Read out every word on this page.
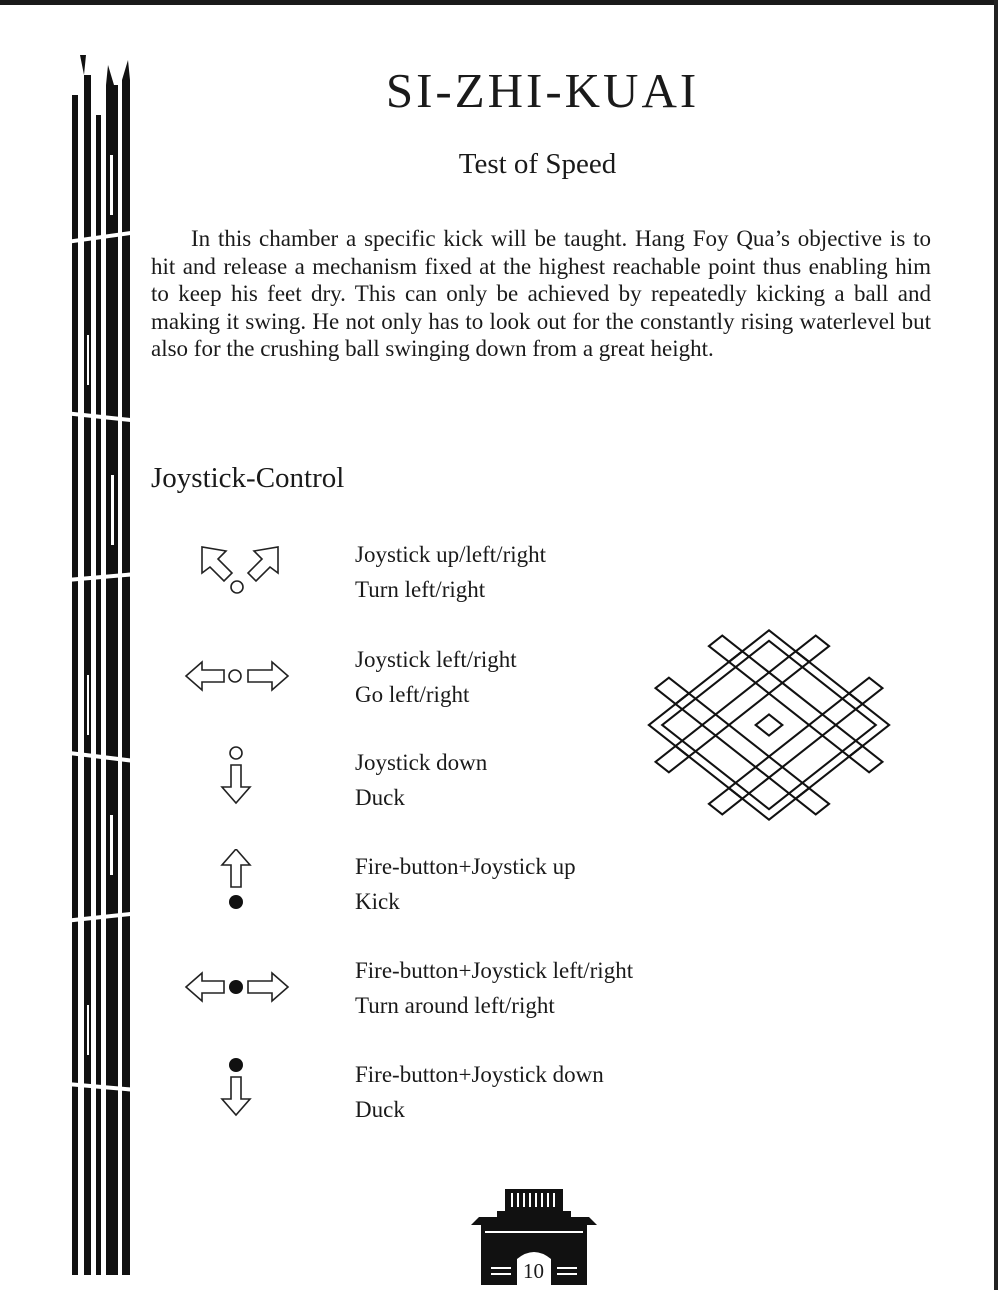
SI-ZHI-KUAI
Test of Speed

In this chamber a specific kick will be taught. Hang Foy Qua’s objective is to hit and release a mechanism fixed at the highest reachable point thus enabling him to keep his feet dry. This can only be achieved by repeatedly kicking a ball and making it swing. He not only has to look out for the constantly rising waterlevel but also for the crushing ball swinging down from a great height.

Joystick-Control
Joystick up/left/right
Turn left/right
Joystick left/right
Go left/right
Joystick down
Duck
Fire-button+Joystick up
Kick
Fire-button+Joystick left/right
Turn around left/right
Fire-button+Joystick down
Duck
10
